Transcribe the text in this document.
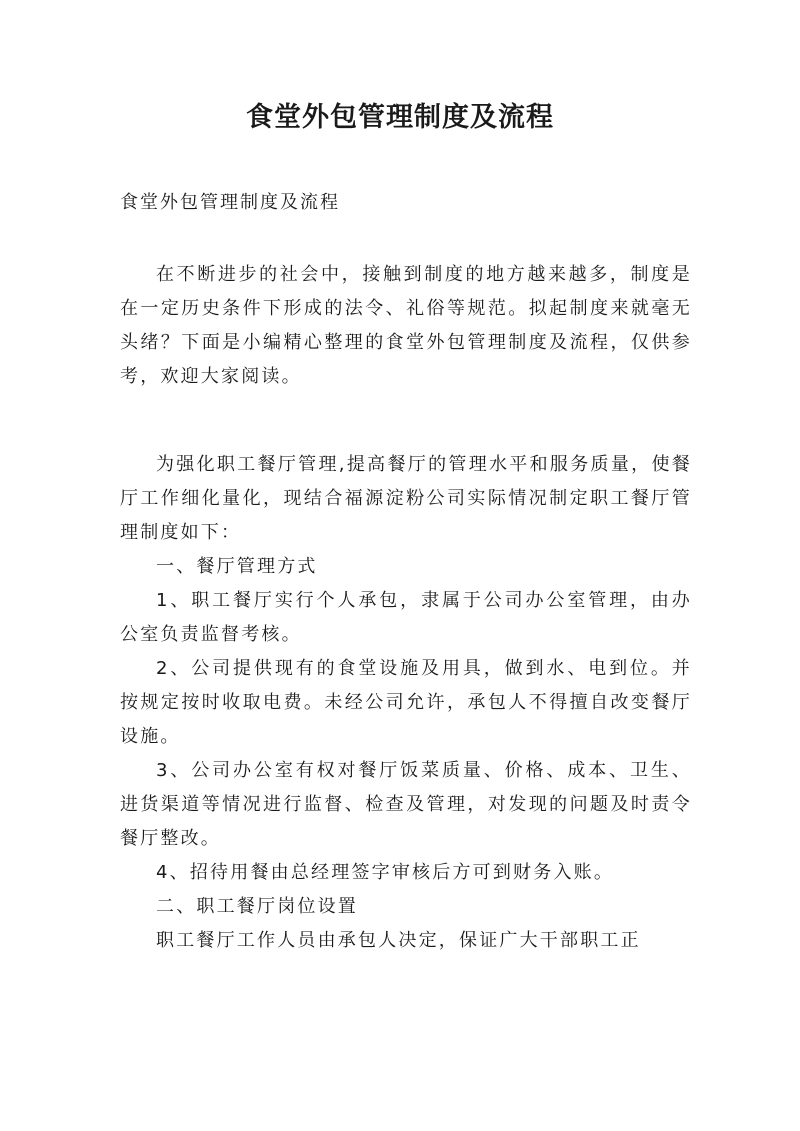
食堂外包管理制度及流程
食堂外包管理制度及流程

在不断进步的社会中，接触到制度的地方越来越多，制度是在一定历史条件下形成的法令、礼俗等规范。拟起制度来就毫无头绪？下面是小编精心整理的食堂外包管理制度及流程，仅供参考，欢迎大家阅读。

为强化职工餐厅管理,提高餐厅的管理水平和服务质量，使餐厅工作细化量化，现结合福源淀粉公司实际情况制定职工餐厅管理制度如下：

一、餐厅管理方式

1、职工餐厅实行个人承包，隶属于公司办公室管理，由办公室负责监督考核。

2、公司提供现有的食堂设施及用具，做到水、电到位。并按规定按时收取电费。未经公司允许，承包人不得擅自改变餐厅设施。

3、公司办公室有权对餐厅饭菜质量、价格、成本、卫生、进货渠道等情况进行监督、检查及管理，对发现的问题及时责令餐厅整改。

4、招待用餐由总经理签字审核后方可到财务入账。

二、职工餐厅岗位设置

职工餐厅工作人员由承包人决定，保证广大干部职工正
